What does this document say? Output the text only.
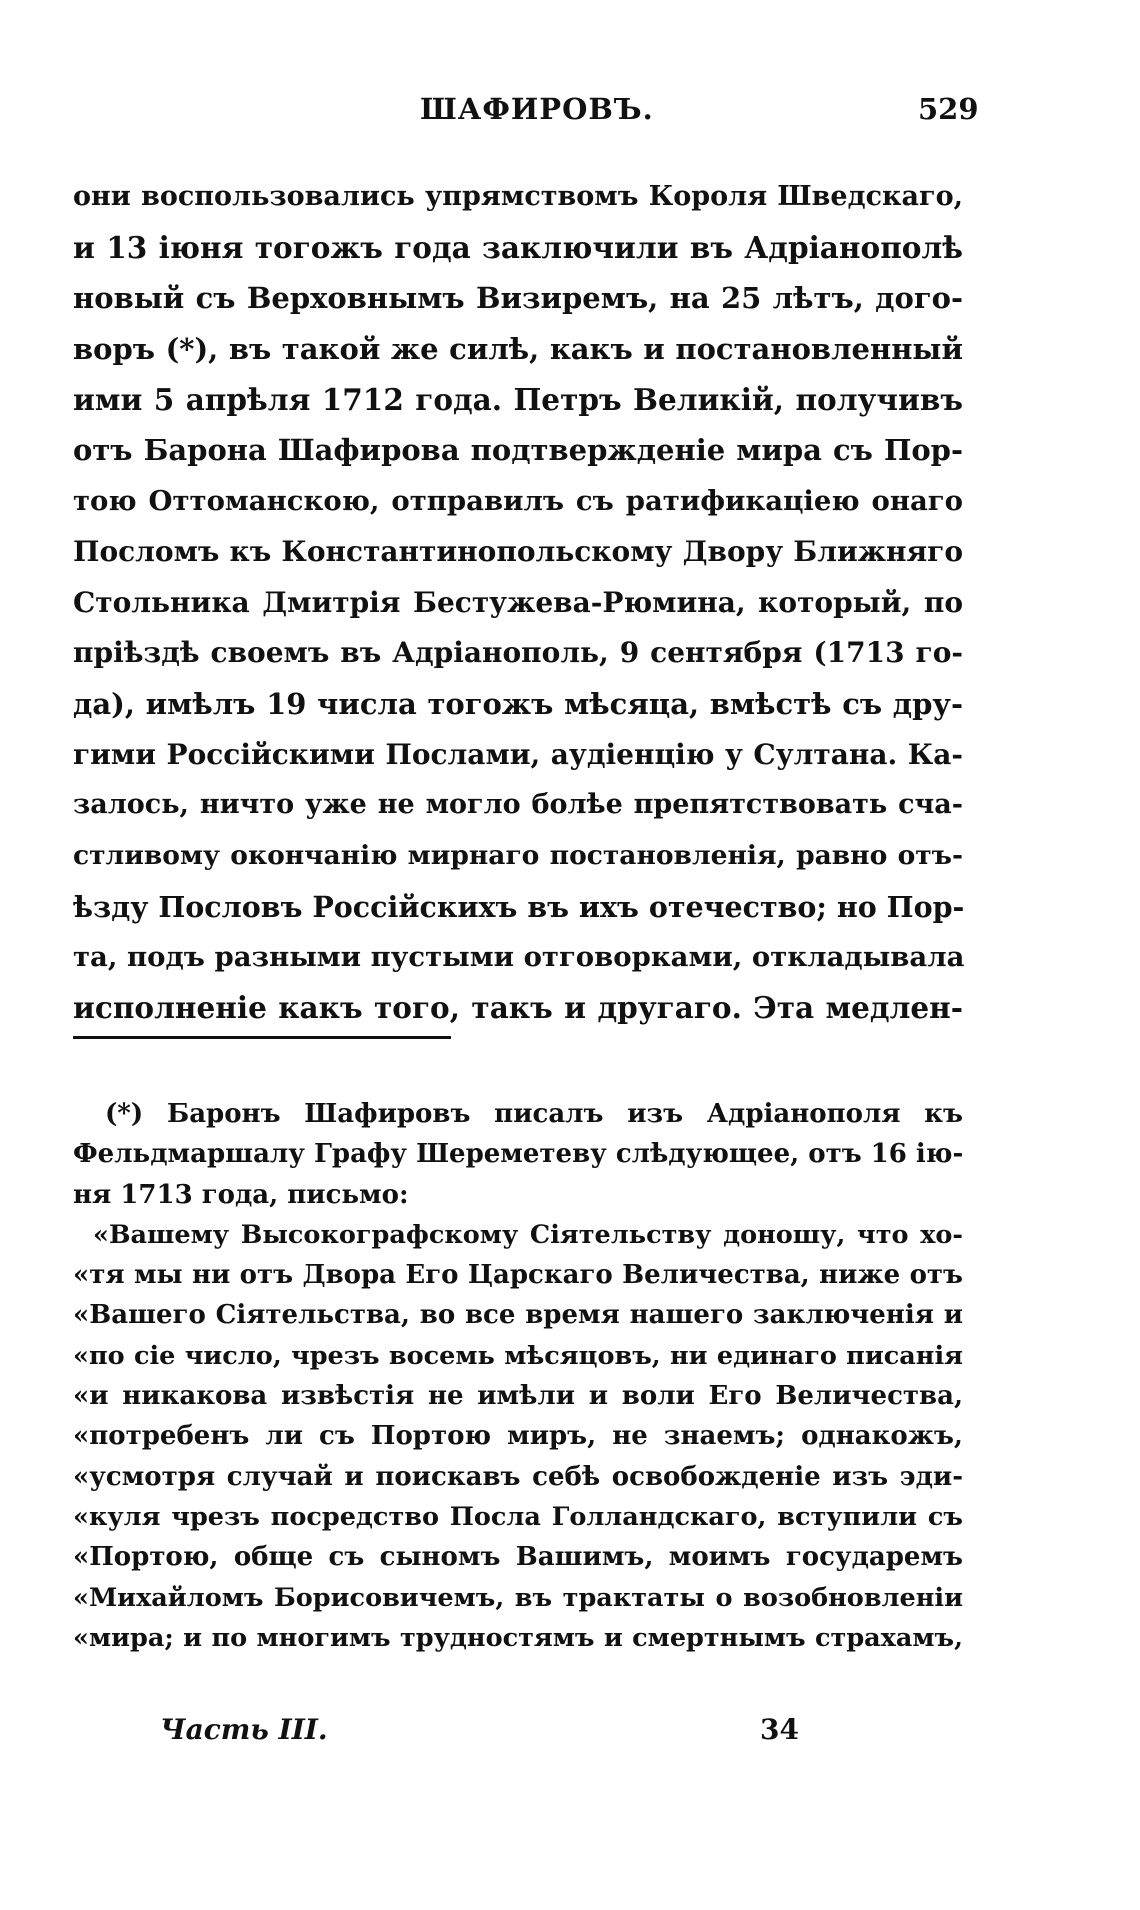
ШАФИРОВЪ.	529
они воспользовались упрямствомъ Короля Шведскаго,
и 13 іюня тогожъ года заключили въ Адріанополѣ
новый съ Верховнымъ Визиремъ, на 25 лѣтъ, дого-
воръ (*), въ такой же силѣ, какъ и постановленный
ими 5 апрѣля 1712 года. Петръ Великій, получивъ
отъ Барона Шафирова подтвержденіе мира съ Пор-
тою Оттоманскою, отправилъ съ ратификаціею онаго
Посломъ къ Константинопольскому Двору Ближняго
Стольника Дмитрія Бестужева-Рюмина, который, по
пріѣздѣ своемъ въ Адріанополь, 9 сентября (1713 го-
да), имѣлъ 19 числа тогожъ мѣсяца, вмѣстѣ съ дру-
гими Россійскими Послами, аудіенцію у Султана. Ка-
залось, ничто уже не могло болѣе препятствовать сча-
стливому окончанію мирнаго постановленія, равно отъ-
ѣзду Пословъ Россійскихъ въ ихъ отечество; но Пор-
та, подъ разными пустыми отговорками, откладывала
исполненіе какъ того, такъ и другаго. Эта медлен-
(*) Баронъ Шафировъ писалъ изъ Адріанополя къ
Фельдмаршалу Графу Шереметеву слѣдующее, отъ 16 ію-
ня 1713 года, письмо:
«Вашему Высокографскому Сіятельству доношу, что хо-
«тя мы ни отъ Двора Его Царскаго Величества, ниже отъ
«Вашего Сіятельства, во все время нашего заключенія и
«по сіе число, чрезъ восемь мѣсяцовъ, ни единаго писанія
«и никакова извѣстія не имѣли и воли Его Величества,
«потребенъ ли съ Портою миръ, не знаемъ; однакожъ,
«усмотря случай и поискавъ себѣ освобожденіе изъ эди-
«куля чрезъ посредство Посла Голландскаго, вступили съ
«Портою, обще съ сыномъ Вашимъ, моимъ государемъ
«Михайломъ Борисовичемъ, въ трактаты о возобновленіи
«мира; и по многимъ трудностямъ и смертнымъ страхамъ,
Часть III.	34
